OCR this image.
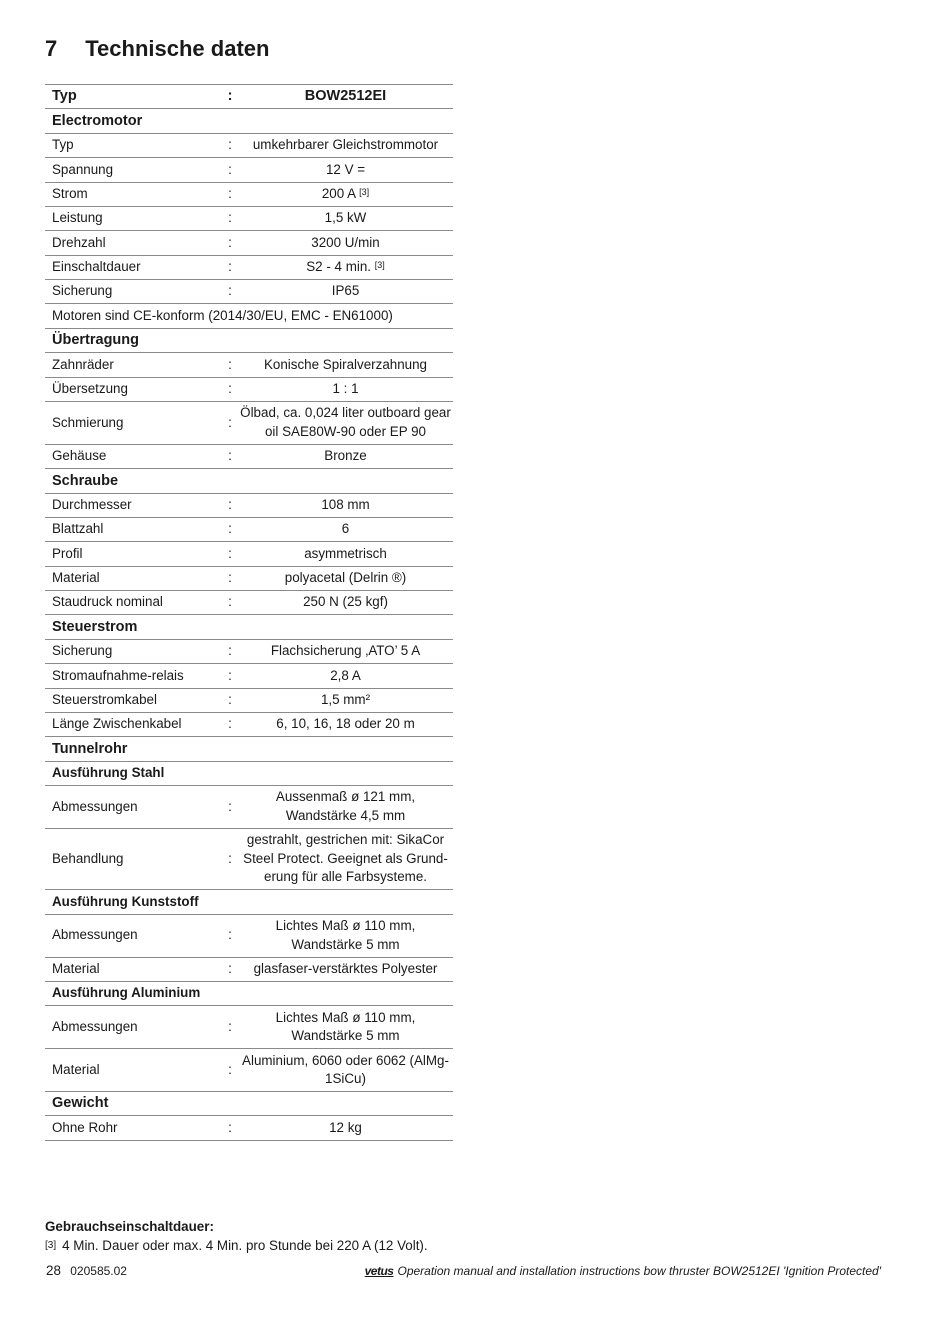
7 Technische daten
Typ	:	BOW2512EI
Electromotor		
Typ	:	umkehrbarer Gleichstrommotor
Spannung	:	12 V =
Strom	:	200 A [3]
Leistung	:	1,5 kW
Drehzahl	:	3200 U/min
Einschaltdauer	:	S2 - 4 min. [3]
Sicherung	:	IP65
Motoren sind CE-konform (2014/30/EU, EMC - EN61000)		
Übertragung		
Zahnräder	:	Konische Spiralverzahnung
Übersetzung	:	1 : 1
Schmierung	:	Ölbad, ca. 0,024 liter outboard gear
oil SAE80W-90 oder EP 90
Gehäuse	:	Bronze
Schraube		
Durchmesser	:	108 mm
Blattzahl	:	6
Profil	:	asymmetrisch
Material	:	polyacetal (Delrin ®)
Staudruck nominal	:	250 N (25 kgf)
Steuerstrom		
Sicherung	:	Flachsicherung ‚ATO’ 5 A
Stromaufnahme-relais	:	2,8 A
Steuerstromkabel	:	1,5 mm²
Länge Zwischenkabel	:	6, 10, 16, 18 oder 20 m
Tunnelrohr		
Ausführung Stahl		
Abmessungen	:	Aussenmaß ø 121 mm,
Wandstärke 4,5 mm
Behandlung	:	gestrahlt, gestrichen mit: SikaCor
Steel Protect. Geeignet als Grund-
erung für alle Farbsysteme.
Ausführung Kunststoff		
Abmessungen	:	Lichtes Maß ø 110 mm,
Wandstärke 5 mm
Material	:	glasfaser-verstärktes Polyester
Ausführung Aluminium		
Abmessungen	:	Lichtes Maß ø 110 mm,
Wandstärke 5 mm
Material	:	Aluminium, 6060 oder 6062 (AlMg-
1SiCu)
Gewicht		
Ohne Rohr	:	12 kg
Gebrauchseinschaltdauer:
[3] 4 Min. Dauer oder max. 4 Min. pro Stunde bei 220 A (12 Volt).
28 020585.02	vetus Operation manual and installation instructions bow thruster BOW2512EI 'Ignition Protected'
